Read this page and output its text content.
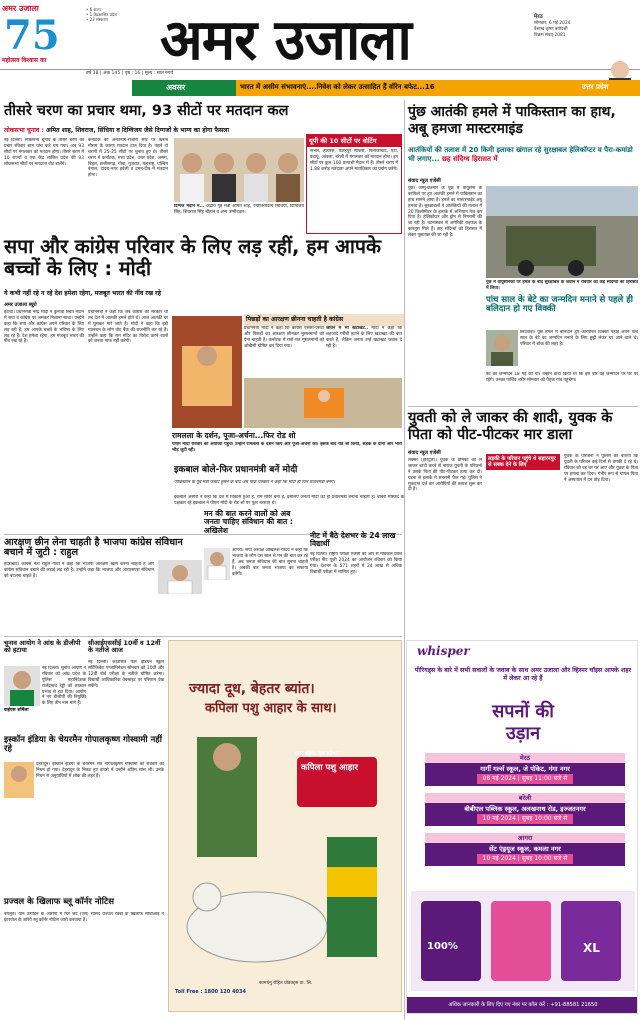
अमर उजाला
75
महोत्सव विश्वास का
• 6 राज्य
• 1 केंद्रशासित प्रदेश
• 23 संस्करण अमर उजाला	मेरठ
सोमवार, 6 मई 2024
वैशाख कृष्ण त्रयोदशी
विक्रम संवत्-2081
वर्ष 38 | अंक 145 | पृष्ठ : 16 | मूल्य : सात रुपये
अवसर	भारत में असीम संभावनाएं....निवेश को लेकर उत्साहित हैं वॉरेन बफेट...16	उत्तर प्रदेश
तीसरे चरण का प्रचार थमा, 93 सीटों पर मतदान कल
लोकसभा चुनाव : अमित शाह, शिवराज, सिंधिया व दिग्विजय जैसे दिग्गजों के भाग्य का होगा फैसला
नई दिल्ली। लोकसभा चुनाव के तीसरे चरण का प्रचार रविवार शाम पांच बजे थम गया। अब 93 सीटों पर मंगलवार को मतदान होगा। तीसरे चरण में 10 राज्यों व एक केंद्र शासित प्रदेश की 93 लोकसभा सीटों पर मतदाता वोट डालेंगे।
कर्नाटक की अनंतनाग-राजौरी सीट पर खराब मौसम के कारण मतदान टाल दिया है। पहले दो चरणों में 25-25 सीटों पर चुनाव हुए थे। तीसरे चरण में कर्नाटक, मध्य प्रदेश, उत्तर प्रदेश, असम, बिहार, छत्तीसगढ़, गोवा, गुजरात, महाराष्ट्र, पश्चिम बंगाल, दादरा-नगर हवेली व दमन-दीव में मतदान होगा।
दिग्गज मैदान में... केंद्रीय गृह मंत्री अमित शाह, ज्योतिरादित्य सिंधिया, दिग्विजय सिंह, शिवराज सिंह चौहान व अन्य उम्मीदवार।
यूपी की 10 सीटों पर वोटिंग
संभल, हाथरस, फतेहपुर सीकरी, फिरोजाबाद, एटा, बदायूं, आंवला, बरेली में मंगलवार को मतदान होगा। इन सीटों पर कुल 100 प्रत्याशी मैदान में हैं। तीसरे चरण में 1.88 करोड़ मतदाता अपने मताधिकार का प्रयोग करेंगे।
सपा और कांग्रेस परिवार के लिए लड़ रहीं, हम आपके बच्चों के लिए : मोदी
ये कभी नहीं रहे न रहे देश हमेशा रहेगा, मजबूत भारत की नींव रख रहे
अमर उजाला ब्यूरो
इटावा। प्रधानमंत्री नरेंद्र मोदी ने कुनावा स्थित मैदान में सपा व कांग्रेस पर जमकर निशाना साधा। उन्होंने कहा कि सपा और कांग्रेस अपने परिवार के लिए लड़ रही हैं, हम आपके बच्चों के भविष्य के लिए लड़ रहे हैं। देश हमेशा रहेगा, हम मजबूत भारत की नींव रख रहे हैं।
प्रधानमंत्री ने कहा कि जब कांग्रेस की सरकार थी तब देश में आतंकी हमले होते थे। आज आतंकी घर में घुसकर मारे जाते हैं। मोदी ने कहा कि इंडी गठबंधन के लोग वोट बैंक की राजनीति कर रहे हैं। उन्होंने कहा कि राम मंदिर का विरोध करने वालों को जनता माफ नहीं करेगी।
पिछड़ों का आरक्षण छीनना चाहती है कांग्रेस
प्रधानमंत्री मोदी ने कहा कि कांग्रेस एससी-एसटी और पिछड़ों का आरक्षण छीनकर मुसलमानों को देना चाहती है। कर्नाटक में रातों-रात मुसलमानों को ओबीसी घोषित कर दिया गया।
जीवन में भी खटाखट.. मोदी ने कहा कि शहजादे गरीबी हटाने के लिए खटाखट की बात करते हैं, लेकिन जनता उन्हें खटाखट जवाब दे रही है।
रामलला के दर्शन, पूजा-अर्चना...फिर रोड शो
पीएम मोदी रविवार को अयोध्या पहुंचे। उन्होंने रामलला के दर्शन किए और पूजा-अर्चना की। इसके बाद रोड शो किया, सड़क के दोनों ओर भारी भीड़ जुटी रही।
इकबाल बोले-फिर प्रधानमंत्री बनें मोदी
पाकिस्तान के पूर्व मंत्री फवाद हुसैन के बाद अब पाक पत्रकार ने कहा कि मोदी ही फिर प्रधानमंत्री बनेंगे।
इकबाल अंसारी ने कहा कि देश में विकास हुआ है, राम मंदिर बना है, इसलिए जनता मोदी को ही प्रधानमंत्री बनाना चाहती है। बाबरी मस्जिद के पक्षकार रहे इकबाल ने पीएम मोदी के रोड शो पर फूल बरसाए थे।
आरक्षण छीन लेना चाहती है भाजपा कांग्रेस संविधान बचाने में जुटी : राहुल
हैदराबाद। कांग्रेस नेता राहुल गांधी ने कहा कि भाजपा आरक्षण खत्म करना चाहती है और कांग्रेस संविधान बचाने की लड़ाई लड़ रही है। उन्होंने कहा कि भाजपा और आरएसएस संविधान को बदलना चाहते हैं।
मन की बात करने वालों को अब जनता चाहिए संविधान की बात : अखिलेश
आगरा। सपा अध्यक्ष अखिलेश यादव ने कहा कि भाजपा के लोग दस साल से मन की बात कर रहे हैं, अब जनता संविधान की बात सुनना चाहती है। अबकी बार जनता भाजपा का सफाया करेगी।
नीट में बैठे देशभर के 24 लाख विद्यार्थी
नई दिल्ली। राष्ट्रीय परीक्षा एजेंसी की ओर से मेडिकल प्रवेश परीक्षा नीट यूजी 2024 का आयोजन रविवार को किया गया। देशभर के 571 शहरों में 24 लाख से अधिक विद्यार्थी परीक्षा में शामिल हुए।
चुनाव आयोग ने आंध्र के डीजीपी को हटाया
वाईएस शर्मिला
नई दिल्ली। चुनाव आयोग ने रविवार को आंध्र प्रदेश के पुलिस महानिदेशक राजेंद्रनाथ रेड्डी को तत्काल प्रभाव से हटा दिया। आयोग ने नए डीजीपी की नियुक्ति के लिए तीन नाम मांगे हैं।
सीआईएससीई 10वीं व 12वीं के नतीजे आज
नई दिल्ली। काउंसिल फॉर इंडियन स्कूल सर्टिफिकेट एग्जामिनेशन सोमवार को 10वीं और 12वीं बोर्ड परीक्षा के नतीजे घोषित करेगा। विद्यार्थी आधिकारिक वेबसाइट पर परिणाम देख सकेंगे।
इस्कॉन इंडिया के चेयरमैन गोपालकृष्ण गोस्वामी नहीं रहे
देहरादून। इस्कॉन इंडिया के चेयरमैन संत गोपालकृष्ण गोस्वामी का रविवार को निधन हो गया। देहरादून के निकट हुए हादसे में उन्होंने अंतिम सांस ली। उनके निधन से अनुयायियों में शोक की लहर है।
प्रज्वल के खिलाफ ब्लू कॉर्नर नोटिस
बंगलूरु। यौन उत्पीड़न के आरोपों में घिरे जद (एस) सांसद प्रज्वल रेवन्ना के खिलाफ सीबीआई ने इंटरपोल के जरिये ब्लू कॉर्नर नोटिस जारी करवाया है।
ज्यादा दूध, बेहतर ब्यांत।
कपिला पशु आहार के साथ।
प्यार बढ़ेगा, दूध बढ़ेगा!
कपिला पशु आहार
Toll Free : 1800 120 4034
कामधेनु रोहित प्रोडक्ट्स प्रा. लि.
पुंछ आतंकी हमले में पाकिस्तान का हाथ, अबू हमजा मास्टरमाइंड
आतंकियों की तलाश में 20 किमी इलाका खंगाल रहे सुरक्षाबल हेलिकॉप्टर व पैरा-कमांडो भी लगाए... छह संदिग्ध हिरासत में
संवाद न्यूज एजेंसी
पुंछ। जम्मू-कश्मीर के पुंछ में वायुसेना के काफिले पर हुए आतंकी हमले में पाकिस्तान का हाथ सामने आया है। हमले का मास्टरमाइंड अबू हमजा है। सुरक्षाबलों ने आतंकियों की तलाश में 20 किलोमीटर के इलाके में अभियान तेज कर दिया है। हेलिकॉप्टर और ड्रोन से निगरानी की जा रही है। घटनास्थल से अमेरिकी राइफल के कारतूस मिले हैं। छह संदिग्धों को हिरासत में लेकर पूछताछ की जा रही है।
पुंछ में वायुसैनिकों पर हमले के बाद सुरक्षाबल के जवान ने रविवार को कई संदिग्धों को हिरासत में लिया।
पांच साल के बेटे का जन्मदिन मनाने से पहले ही बलिदान हो गए विक्की
छिंदवाड़ा। पुंछ हमले में बलिदान हुए कॉरपोरल विक्की पहाड़े अपने पांच साल के बेटे का जन्मदिन मनाने के लिए छुट्टी लेकर घर आने वाले थे। परिवार में शोक की लहर है।
बेटे का जन्मदिन 18 मई को था। उन्होंने वादा किया था कि इस बार वह जन्मदिन पर घर पर रहेंगे। उनका पार्थिव शरीर सोमवार को पैतृक गांव पहुंचेगा।
युवती को ले जाकर की शादी, युवक के पिता को पीट-पीटकर मार डाला
संवाद न्यूज एजेंसी
लक्सर (हरिद्वार)। युवक के प्रेमिका को ले जाकर शादी करने से नाराज युवती के परिजनों ने उसके पिता की पीट-पीटकर हत्या कर दी। घटना से इलाके में सनसनी फैल गई। पुलिस ने मुकदमा दर्ज कर आरोपियों की तलाश शुरू कर दी है।
लड़की के परिजन पहुंचे थे सहारनपुर से सबक देने के लिए
युवक के परिजनों ने पुलिस को बताया कि युवती के परिजन कई दिनों से धमकी दे रहे थे। रविवार को वह घर पर आए और युवक के पिता पर हमला कर दिया। गंभीर रूप से घायल पिता ने अस्पताल में दम तोड़ दिया।
whisper
पीरियड्स के बारे में सभी सवालों के जवाब के साथ अमर उजाला और व्हिस्पर चॉइस आपके शहर में लेकर आ रहे हैं
सपनों की
उड़ान
मेरठ
गार्गी गर्ल्स स्कूल, जे पॉकेट, गंगा नगर
08 मई 2024 | सुबह 11:00 बजे से
बरेली
बीबीएल पब्लिक स्कूल, अलखनाथ रोड, इज्जतनगर
10 मई 2024 | सुबह 10:00 बजे से
आगरा
सेंट एंड्रयूज स्कूल, कमला नगर
10 मई 2024 | सुबह 10:00 बजे से
100%	XL
अधिक जानकारी के लिए दिए गए नंबर पर कॉल करें : +91-88581 21650
